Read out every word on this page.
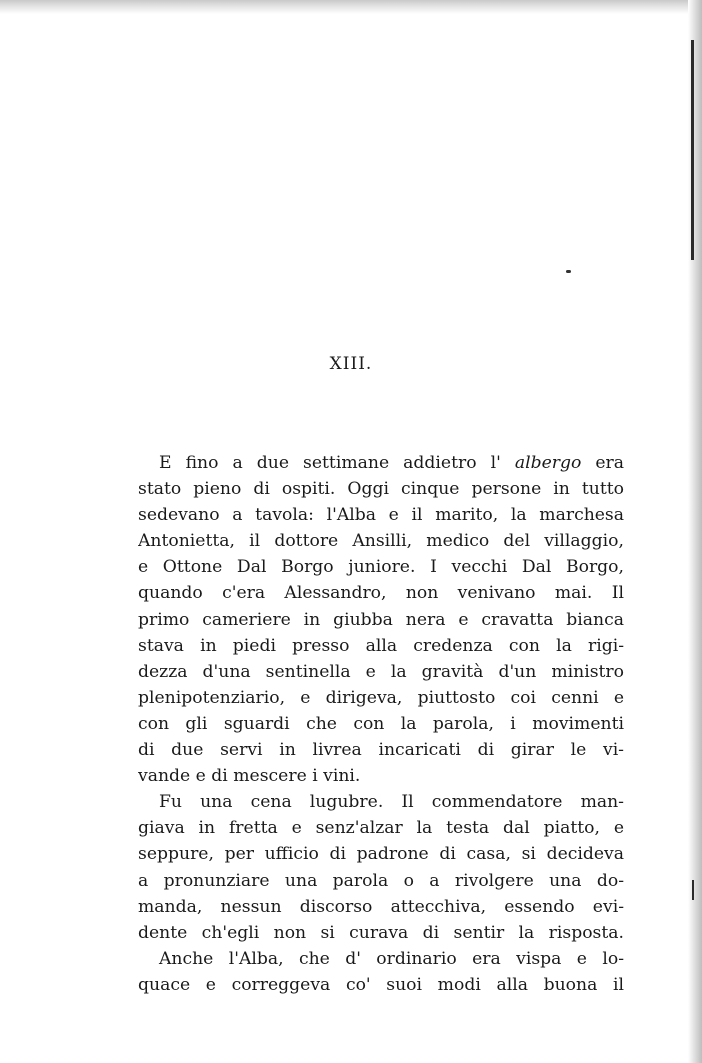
XIII.
E fino a due settimane addietro l' albergo era
stato pieno di ospiti. Oggi cinque persone in tutto
sedevano a tavola: l'Alba e il marito, la marchesa
Antonietta, il dottore Ansilli, medico del villaggio,
e Ottone Dal Borgo juniore. I vecchi Dal Borgo,
quando c'era Alessandro, non venivano mai. Il
primo cameriere in giubba nera e cravatta bianca
stava in piedi presso alla credenza con la rigi-
dezza d'una sentinella e la gravità d'un ministro
plenipotenziario, e dirigeva, piuttosto coi cenni e
con gli sguardi che con la parola, i movimenti
di due servi in livrea incaricati di girar le vi-
vande e di mescere i vini.
Fu una cena lugubre. Il commendatore man-
giava in fretta e senz'alzar la testa dal piatto, e
seppure, per ufficio di padrone di casa, si decideva
a pronunziare una parola o a rivolgere una do-
manda, nessun discorso attecchiva, essendo evi-
dente ch'egli non si curava di sentir la risposta.
Anche l'Alba, che d' ordinario era vispa e lo-
quace e correggeva co' suoi modi alla buona il
